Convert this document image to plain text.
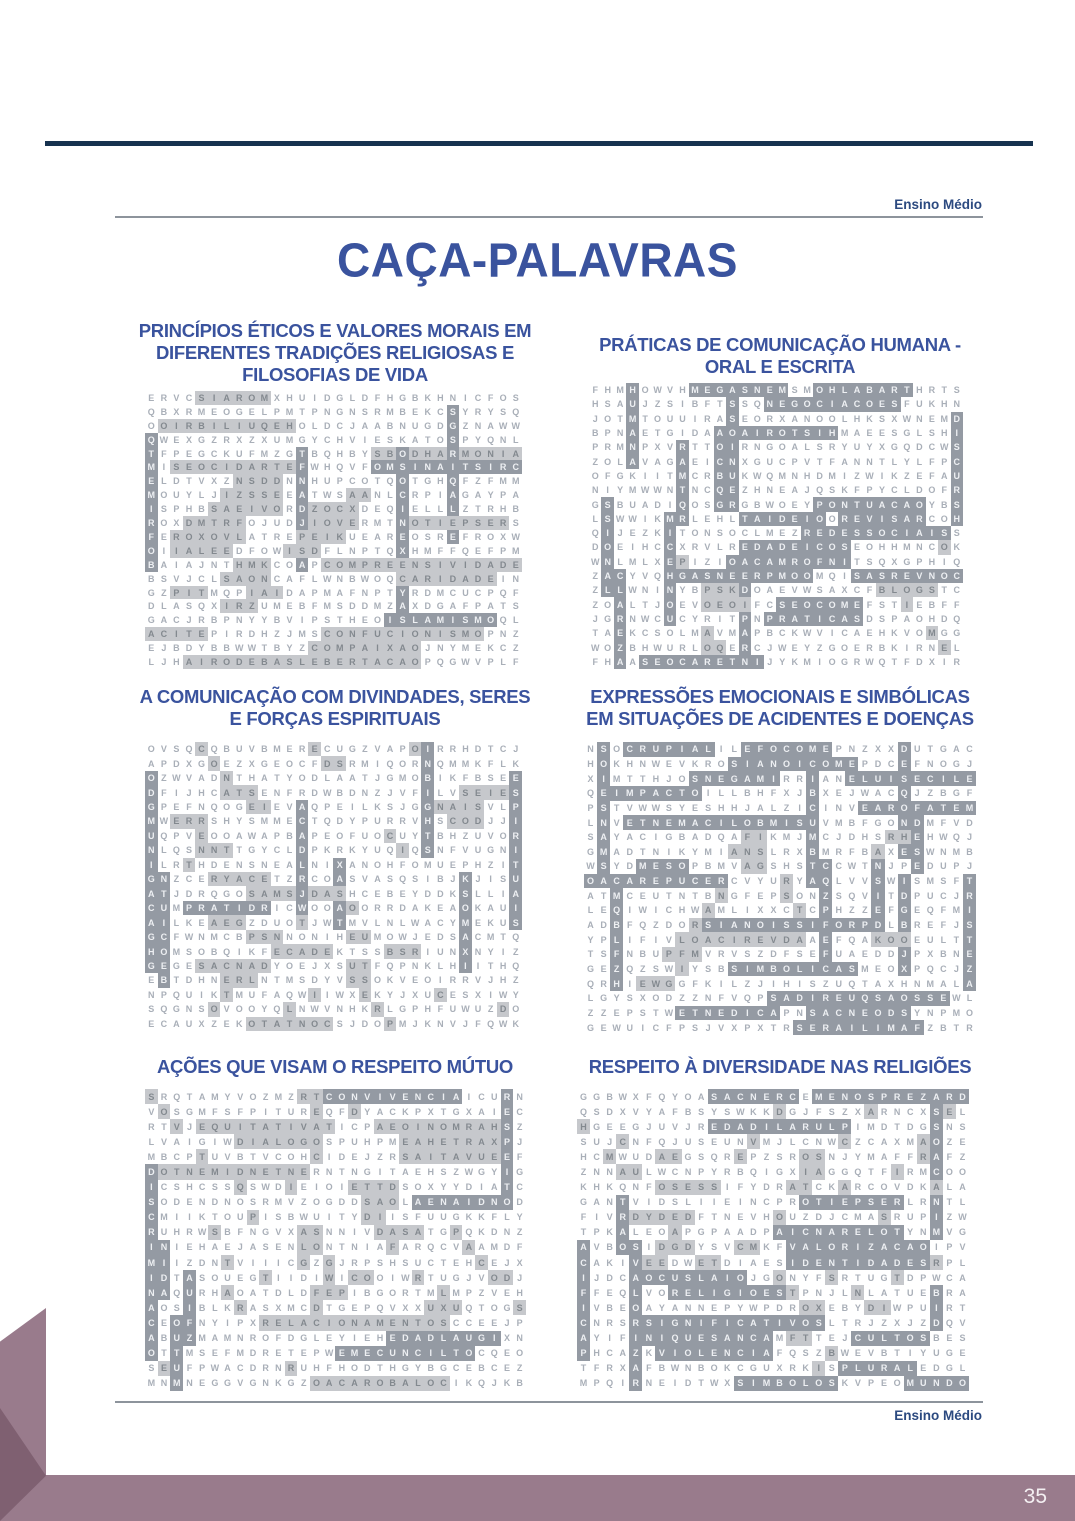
Ensino Médio
CAÇA-PALAVRAS
PRINCÍPIOS ÉTICOS E VALORES MORAIS EM
DIFERENTES TRADIÇÕES RELIGIOSAS E
FILOSOFIAS DE VIDA
E R V C S I A R O M X H U I D G L D F H G B K H N I C F O S
Q B X R M E O G E L P M T P N G N S R M B E K C S Y R Y S Q
O O I R B I L I U Q E H O L D C J A A B N U G D G Z N A W W
Q W E X G Z R X Z X U M G Y C H V I E S K A T O S P Y Q N L
T F P E G C K U F M Z G T B Q H B Y S B O D H A R M O N I A
M I S E O C I D A R T E F W H Q V F O M S I N A I T S I R C
E L D T V X Z N S D D N N H U P C O T Q O T G H Q F Z F M M
M O U Y L J I Z S S E E A T W S A A N L C R P I A G A Y P A
I S P H B S A E I V O R D Z O C X D E Q I E L L L Z T R H B
R O X D M T R F O J U D J I O V E R M T N O T I E P S E R S
F E R O X O V L A T R E P E I K U E A R E O S R E F R O X W
O I	I A L E E D F O W I S D F L N P T Q X H M F F Q E F P M
B A I A J N T H M K C O A P C O M P R E E N S I V I D A D E
B S V J C L S A O N C A F L W N B W O Q C A R I D A D E I N
G Z P I T M Q P I A I D A P M A F N P T Y R D M C U C P Q F
D L A S Q X I R Z U M E B F M S D D M Z A X D G A F P A T S
G A C J R B P N Y Y B V I P S T H E O I S L A M I S M O Q L
A C I T E P I R D H Z J M S C O N F U C I O N I S M O P N Z
E J B D Y B B W W T B Y Z C O M P A I X A O J N Y M E K C Z
L J H A I R O D E B A S L E B E R T A C A O P Q G W V P L F
PRÁTICAS DE COMUNICAÇÃO HUMANA -
ORAL E ESCRITA
F H M H O W V H M E G A S N E M S M O H L A B A R T H R T S
H S A U J Z S I B F T S S Q N E G O C I A C O E S F U K H N
J O T M T O U U I R A S E O R X A N O O L H K S X W N E M D
B P N A E T G I D A A O A I R O T S I H M A E E S G L S H I
P R M N P X V R T T O I R N G O A L S R Y U Y X G Q D C W S
Z O L A V A G A E I C N X G U C P V T F A N N T L Y L F P C
O F G K I	I T M C R B U K W Q M N H D M I Z W I K Z E F A U
N I Y M W W N T N C Q E Z H N E A J Q S K F P Y C L D O F R
G S B U A D I Q O S G R G B W O E Y P O N T U A C A O Y B S
L S W W I K M R L E H L T A I D E I O O R E V I S A R C O H
Q I J E Z K I T O N S O C L M E Z R E D E S S O C I A I S S
D O E I H C C X R V L R E D A D E I C O S E O H H M N C O K
W N L M L X E P I Z I O A C A M R O F N I T S Q X G P H I Q
Z A C Y V Q H G A S N E E R P M O O M Q I S A S R E V N O C
Z L L W N I N Y B P S K D O A E V W S A X C F B L O G S T C
Z O A L T J O E V O E O I F C S E O C O M E F S T I E B F F
J G R N W C U C Y R I T P N P R A T I C A S D S P A O H D Q
T A E K C S O L M A V M A P B C K W V I C A E H K V O M G G
W O Z B H W U R L O Q E R C J W E Y Z G O E R B K I R N E L
F H A A S E O C A R E T N I J Y K M I O G R W Q T F D X I R
A COMUNICAÇÃO COM DIVINDADES, SERES
E FORÇAS ESPIRITUAIS
O V S Q C Q B U V B M E R E C U G Z V A P O I R R H D T C J
A P D X G O E Z X G E O C F D S R M I Q O R N Q M M K F L K
O Z W V A D N T H A T Y O D L A A T J G M O B I K F B S E E
D F I J H C A T S E N F R D W B D N Z J V F I L V S E I E S
G P E F N Q O G E I E V A Q P E I L K S J G G N A I S V L P
M W E R R S H Y S M M E C T Q D Y P U R R V H S C O D J J I
U Q P V E O O A W A P B A P E O F U O C U Y T B H Z U V O R
N L Q S N N T T G Y C L D P K R K Y U Q I Q S N F V U G N I
I L R T H D E N S N E A L N I X A N O H F O M U E P H Z I T
G N Z C E R Y A C E T Z R C O A S V A S Q S I B J K J I S U
A T J D R Q G O S A M S J D A S H C E B E Y D D K S L L I A
C U M P R A T I D R I C W O O A O O R R D A K E A O K A U I
A I L K E A E G Z D U O T J W T M V L N L W A C Y M E K U S
G C F W N M C B P S N N O N I H E U M O W J E D S A C M T Q
H O M S O B Q I K F E C A D E K T S S B S R I U N X N Y I Z
G E G E S A C N A D Y O E J X S U T F Q P N K L H I	I T H Q
E B T D H N E R L N T M S D Y V S S O K V E O I R R V J H Z
N P Q U I K T M U F A Q W I	I W X E K Y J X U C E S X I W Y
S Q G N S O V O O Y Q L N W V N H K R L G P H F U W U Z D O
E C A U X Z E K O T A T N O C S J D O P M J K N V J F Q W K
EXPRESSÕES EMOCIONAIS E SIMBÓLICAS
EM SITUAÇÕES DE ACIDENTES E DOENÇAS
N S O C R U P I A L	I	L E F O C O M E P N Z X X D U T G A C
H O K H N W E V K R O S I A N O I C O M E P D C E F N O G J
X I M T T H J O S N E G A M I R R I A N E L U I S E C I	L E
Q E I M P A C T O I	L L B H F X J B X E J W A C Q J Z B G F
P S T V W W S Y E S H H J A L Z	I C I N V E A R O F A T E M
L N V E T N E M A C I	L O B M I S U V M B F G O N D M F V D
S A Y A C I G B A D Q A F	I K M J M C J D H S R H E H W Q J
G M A D T N I K Y M I A N S L R X B M R F B A X E S W N M B
W S Y D M E S O P B M V A G S H S T C C W T N J P E D U P J
O A C A R E P U C E R C V Y U R Y A Q L V V S W I S M S F T
A T M C E U T N T B N G F E P S O N Z S Q V I	T D P U C J R
L E Q I W I C H W A M L	I X X C T C P H Z Z E F G E Q F M I
A D B F Q Z D O R S I A N O I S S I	F O R P D L B R E F J S
Y P L	I	F	I V L O A C I R E V D A A E F Q A K O O E U L T T
T S F N B U P F M V R V S Z D F S E F U A E D D J P X B N E
G E Z Q Z S W I Y S B S I M B O L	I C A S M E O X P Q C J Z
Q R H I E W G G F K I	L Z J	I H I S Z U Q T A X H N M A L A
L G Y S X O D Z Z N F V Q P S A D I R E U Q S A O S S E W L
Z Z E P S T W E T N E D I C A P N S A C N E O D S Y N P M O
G E W U I C F P S J V X P X T R S E R A I	L	I M A F Z B T R
AÇÕES QUE VISAM O RESPEITO MÚTUO
S R Q T A M Y V O Z M Z R T C O N V I V E N C I A I C U R N
V O S G M F S F P I T U R E Q F D Y A C K P X T G X A I E C
R T V J E Q U I T A T I V A T I C P A E O I N O M R A H S Z
L V A I G I W D I A L O G O S P U H P M E A H E T R A X P J
M B C P T U V B T V C O H C I D E J Z R S A I T A V U E E F
D O T N E M I D N E T N E R N T N G I T A E H S Z W G Y I G
I C S H C S S Q S W D I E I O I E T T D S O X Y Y D I A T C
S O D E N D N O S R M V Z O G D D S A O L A E N A I D N O D
C M I	I K T O U P I S B W U I T Y D I	I S F U U G K K F L Y
R U H R W S B F N G V X A S N N I V D A S A T G P Q K D N Z
I N I E H A E J A S E N L O N T N I A F A R Q C V A A M D F
M I	I Z D N T V I	I	I C G Z G J R P S H S U C T E H C E J X
I D T A S O U E G T I	I D I W I C O O I W R T U G J V O D J
N A Q U R H A O A T D L D F E P I B G O R T M L M P Z V E H
A O S I B L K R A S X M C D T G E P Q V X X U X U Q T O G S
C E O F N Y I P X R E L A C I O N A M E N T O S C C E E J P
A B U Z M A M N R O F D G L E Y I E H E D A D L A U G I X N
O T T M S E F M D R E T E P W E M E C U N C I L T O C Q E O
S E U F P W A C D R N R U H F H O D T H G Y B G C E B C E Z
M N M N E G G V G N K G Z O A C A R O B A L O C I K Q J K B
RESPEITO À DIVERSIDADE NAS RELIGIÕES
G G B W X F Q Y O A S A C N E R C E M E N O S P R E Z A R D
Q S D X V Y A F B S Y S W K K D G J F S Z X A R N C X S E L
H G E E G J U V J R E D A D I	L A R U L P I M D T D G S N S
S U J C N F Q J U S E U N V M J L C N W C Z C A X M A O Z E
H C M W U D A E G S Q R E P Z S R O S N J Y M A F F R A F Z
Z N N A U L W C N P Y R B Q I G X I A G G Q T F	I R M C O O
K H K Q N F O S E S S I	F Y D R A T C K A R C O V D K A L A
G A N T V I D S L	I	I E I N C P R O T	I E P S E R L R N T L
F	I V R D Y D E D F T N E V H O U Z D J C M A S R U P I	Z W
T P K A L E O A P G P A A D P A I C N A R E L O T Y N M V G
A V B O S I D G D Y S V C M K F V A L O R I	Z A C A O I P V
C A K I V E E D W E T D I A E S I D E N T	I D A D E S R P L
I	J D C A O C U S L A I O J G O N Y F S R T U G T D P W C A
F F E Q L V O R E L	I G I O E S T P N J L N L A T U E B R A
I V B E O A Y A N N E P Y W P D R O X E B Y D I W P U I R T
C N R S R S I G N I	F	I C A T	I V O S L T R J Z X J Z D Q V
A Y I	F	I N I Q U E S A N C A M F T T E J C U L T O S B E S
P H C A Z K V I O L E N C I A F Q S Z B W E V B T	I Y U G E
T F R X A F B W N B O K C G U X R K I S P L U R A L E D G L
M P Q I R N E I D T W X S I M B O L O S K V P E O M U N D O
Ensino Médio
35
